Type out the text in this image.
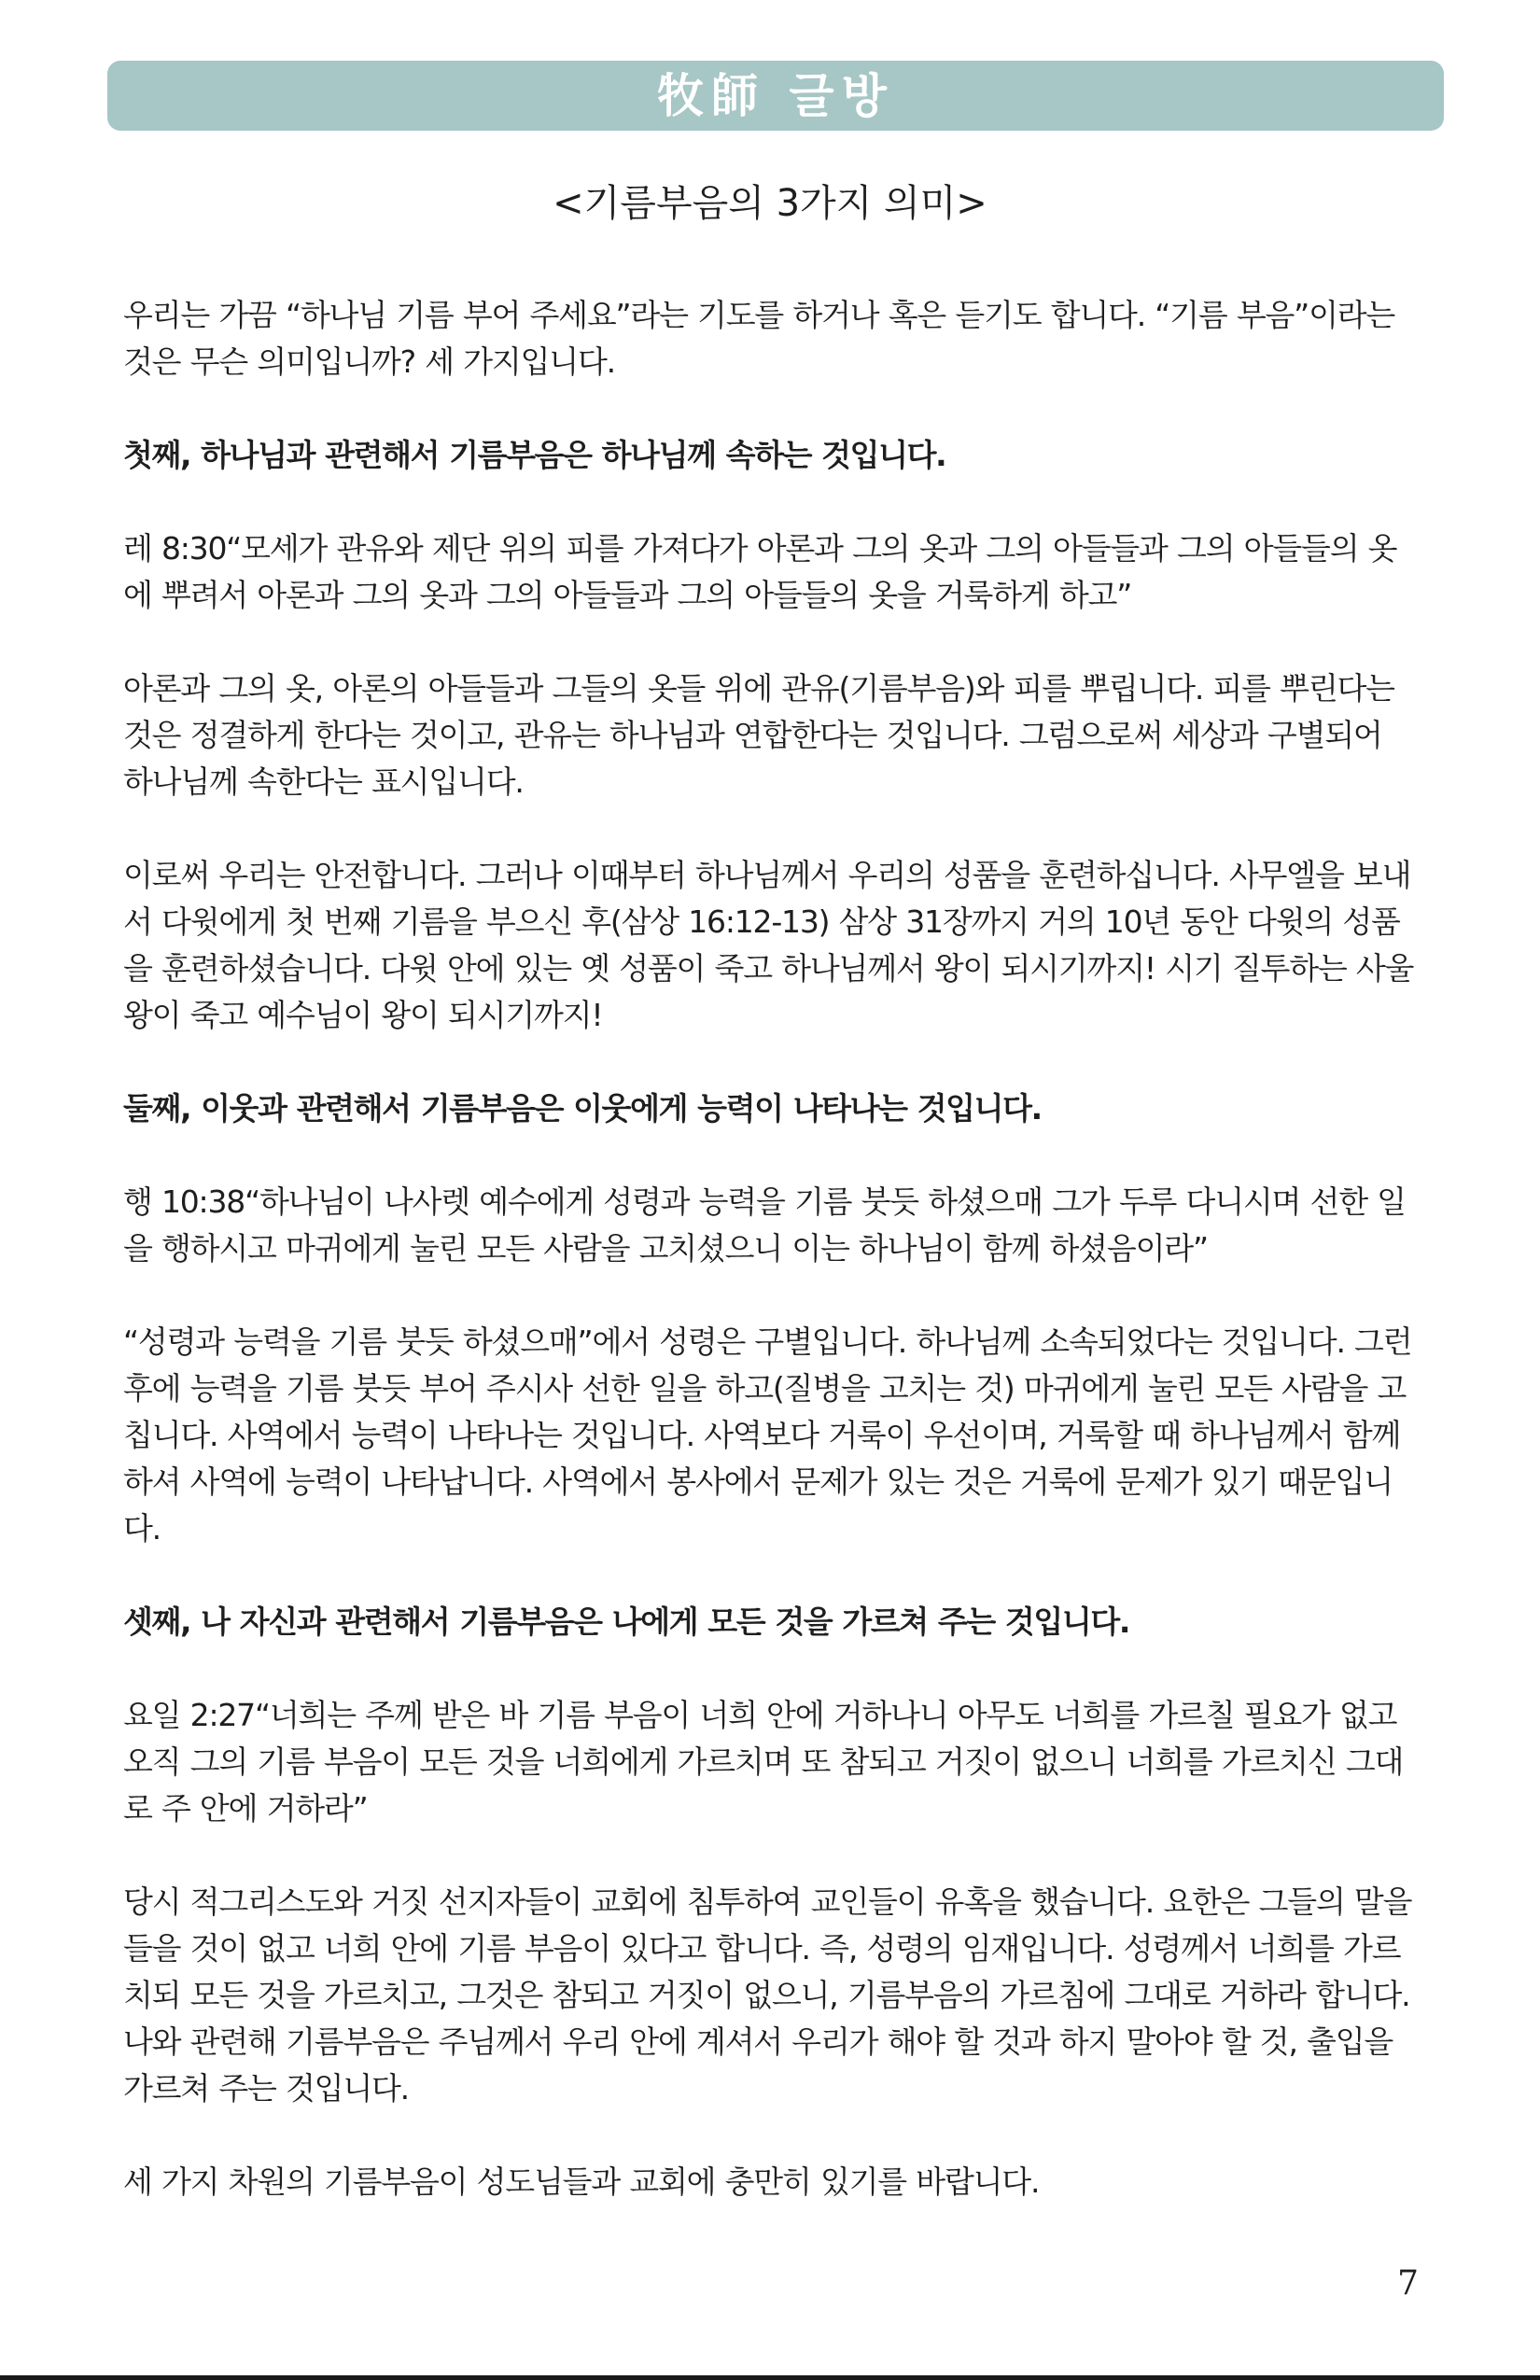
牧師 글방
<기름부음의 3가지 의미>

우리는 가끔 “하나님 기름 부어 주세요”라는 기도를 하거나 혹은 듣기도 합니다. “기름 부음”이라는 것은 무슨 의미입니까? 세 가지입니다.

첫째, 하나님과 관련해서 기름부음은 하나님께 속하는 것입니다.

레 8:30“모세가 관유와 제단 위의 피를 가져다가 아론과 그의 옷과 그의 아들들과 그의 아들들의 옷에 뿌려서 아론과 그의 옷과 그의 아들들과 그의 아들들의 옷을 거룩하게 하고”

아론과 그의 옷, 아론의 아들들과 그들의 옷들 위에 관유(기름부음)와 피를 뿌립니다. 피를 뿌린다는 것은 정결하게 한다는 것이고, 관유는 하나님과 연합한다는 것입니다. 그럼으로써 세상과 구별되어 하나님께 속한다는 표시입니다.

이로써 우리는 안전합니다. 그러나 이때부터 하나님께서 우리의 성품을 훈련하십니다. 사무엘을 보내서 다윗에게 첫 번째 기름을 부으신 후(삼상 16:12-13) 삼상 31장까지 거의 10년 동안 다윗의 성품을 훈련하셨습니다. 다윗 안에 있는 옛 성품이 죽고 하나님께서 왕이 되시기까지! 시기 질투하는 사울왕이 죽고 예수님이 왕이 되시기까지!

둘째, 이웃과 관련해서 기름부음은 이웃에게 능력이 나타나는 것입니다.

행 10:38“하나님이 나사렛 예수에게 성령과 능력을 기름 붓듯 하셨으매 그가 두루 다니시며 선한 일을 행하시고 마귀에게 눌린 모든 사람을 고치셨으니 이는 하나님이 함께 하셨음이라”

“성령과 능력을 기름 붓듯 하셨으매”에서 성령은 구별입니다. 하나님께 소속되었다는 것입니다. 그런 후에 능력을 기름 붓듯 부어 주시사 선한 일을 하고(질병을 고치는 것) 마귀에게 눌린 모든 사람을 고칩니다. 사역에서 능력이 나타나는 것입니다. 사역보다 거룩이 우선이며, 거룩할 때 하나님께서 함께 하셔 사역에 능력이 나타납니다. 사역에서 봉사에서 문제가 있는 것은 거룩에 문제가 있기 때문입니다.

셋째, 나 자신과 관련해서 기름부음은 나에게 모든 것을 가르쳐 주는 것입니다.

요일 2:27“너희는 주께 받은 바 기름 부음이 너희 안에 거하나니 아무도 너희를 가르칠 필요가 없고 오직 그의 기름 부음이 모든 것을 너희에게 가르치며 또 참되고 거짓이 없으니 너희를 가르치신 그대로 주 안에 거하라”

당시 적그리스도와 거짓 선지자들이 교회에 침투하여 교인들이 유혹을 했습니다. 요한은 그들의 말을 들을 것이 없고 너희 안에 기름 부음이 있다고 합니다. 즉, 성령의 임재입니다. 성령께서 너희를 가르치되 모든 것을 가르치고, 그것은 참되고 거짓이 없으니, 기름부음의 가르침에 그대로 거하라 합니다. 나와 관련해 기름부음은 주님께서 우리 안에 계셔서 우리가 해야 할 것과 하지 말아야 할 것, 출입을 가르쳐 주는 것입니다.

세 가지 차원의 기름부음이 성도님들과 교회에 충만히 있기를 바랍니다.

7
